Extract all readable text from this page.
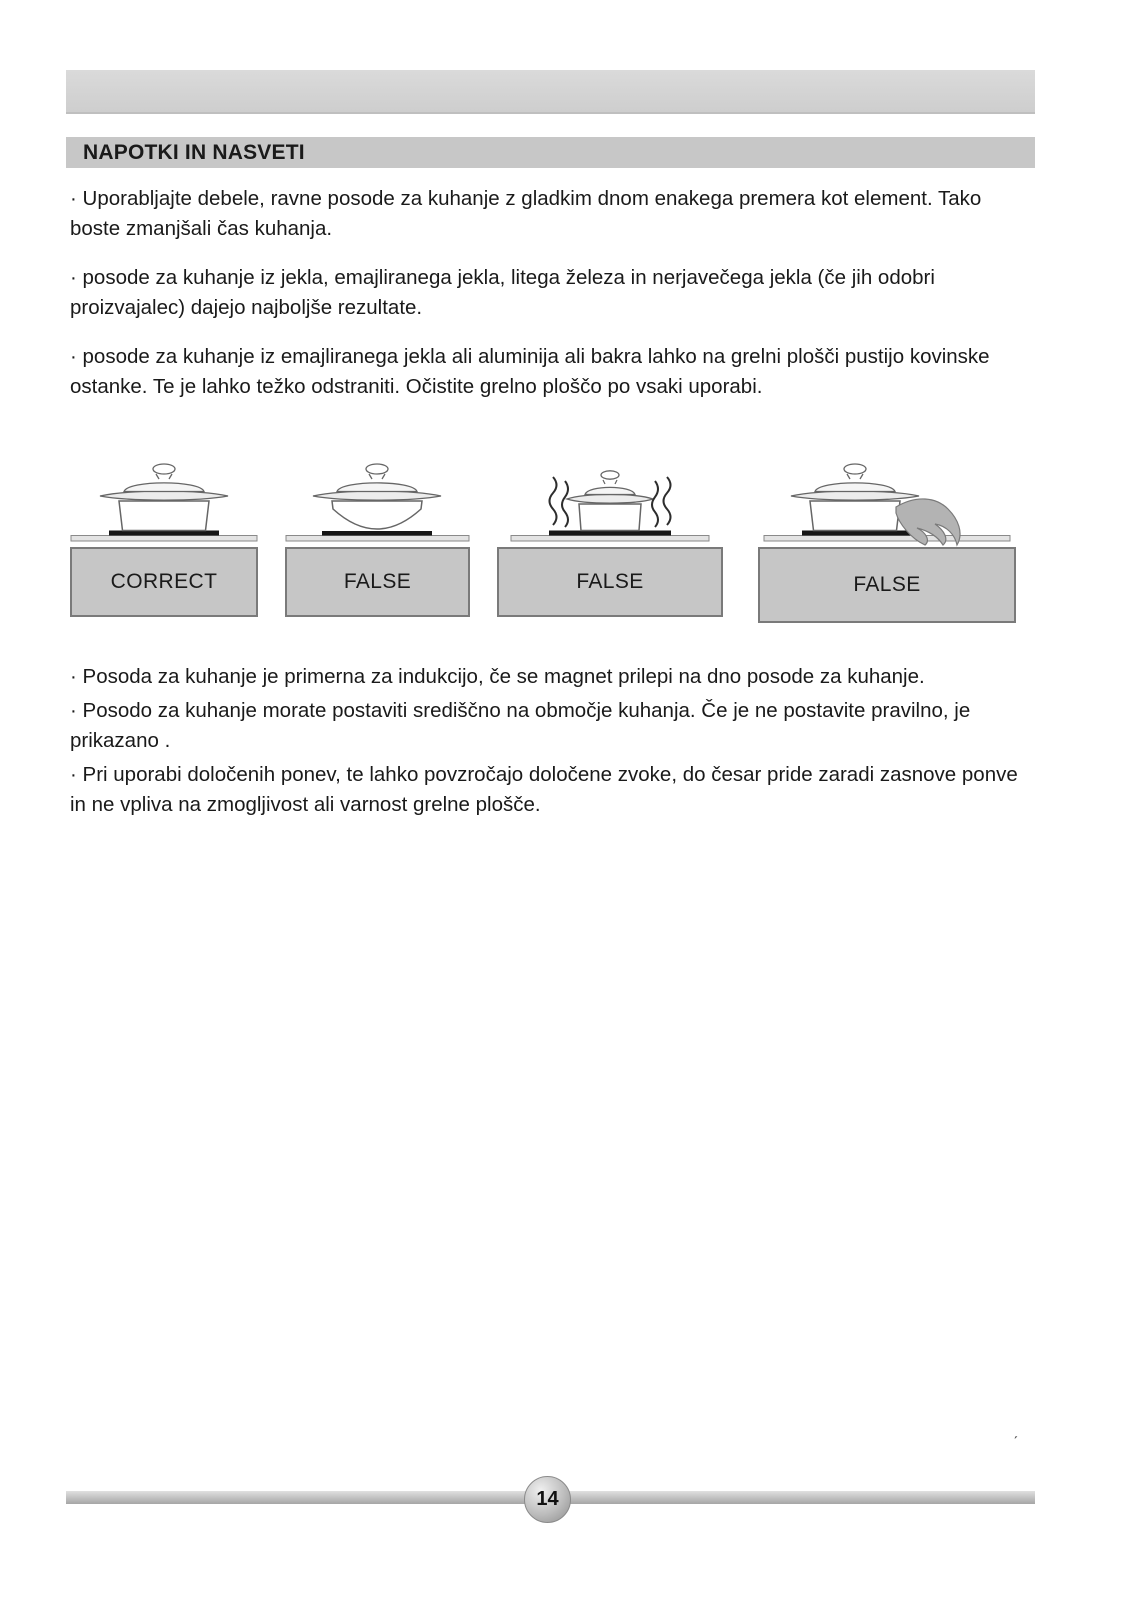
NAPOTKI IN NASVETI

· Uporabljajte debele, ravne posode za kuhanje z gladkim dnom enakega premera kot element. Tako boste zmanjšali čas kuhanja.

· posode za kuhanje iz jekla, emajliranega jekla, litega železa in nerjavečega jekla (če jih odobri proizvajalec) dajejo najboljše rezultate.

· posode za kuhanje iz emajliranega jekla ali aluminija ali bakra lahko na grelni plošči pustijo kovinske ostanke. Te je lahko težko odstraniti. Očistite grelno ploščo po vsaki uporabi.

CORRECT	FALSE	FALSE	FALSE

· Posoda za kuhanje je primerna za indukcijo, če se magnet prilepi na dno posode za kuhanje.

· Posodo za kuhanje morate postaviti središčno na območje kuhanja. Če je ne postavite pravilno, je prikazano .

· Pri uporabi določenih ponev, te lahko povzročajo določene zvoke, do česar pride zaradi zasnove ponve in ne vpliva na zmogljivost ali varnost grelne plošče.

ˊ
14
